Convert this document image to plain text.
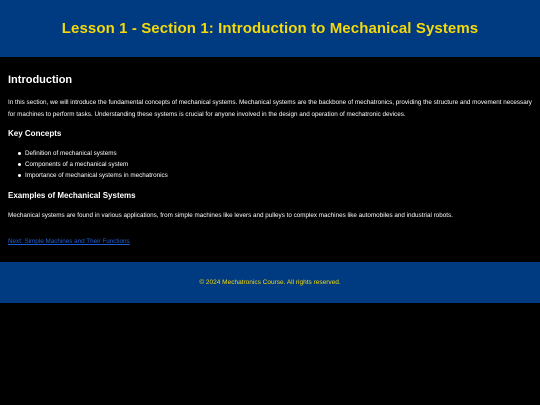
Lesson 1 - Section 1: Introduction to Mechanical Systems
Introduction

In this section, we will introduce the fundamental concepts of mechanical systems. Mechanical systems are the backbone of mechatronics, providing the structure and movement necessary for machines to perform tasks. Understanding these systems is crucial for anyone involved in the design and operation of mechatronic devices.

Key Concepts
Definition of mechanical systems
Components of a mechanical system
Importance of mechanical systems in mechatronics
Examples of Mechanical Systems

Mechanical systems are found in various applications, from simple machines like levers and pulleys to complex machines like automobiles and industrial robots.

Next: Simple Machines and Their Functions

© 2024 Mechatronics Course. All rights reserved.
